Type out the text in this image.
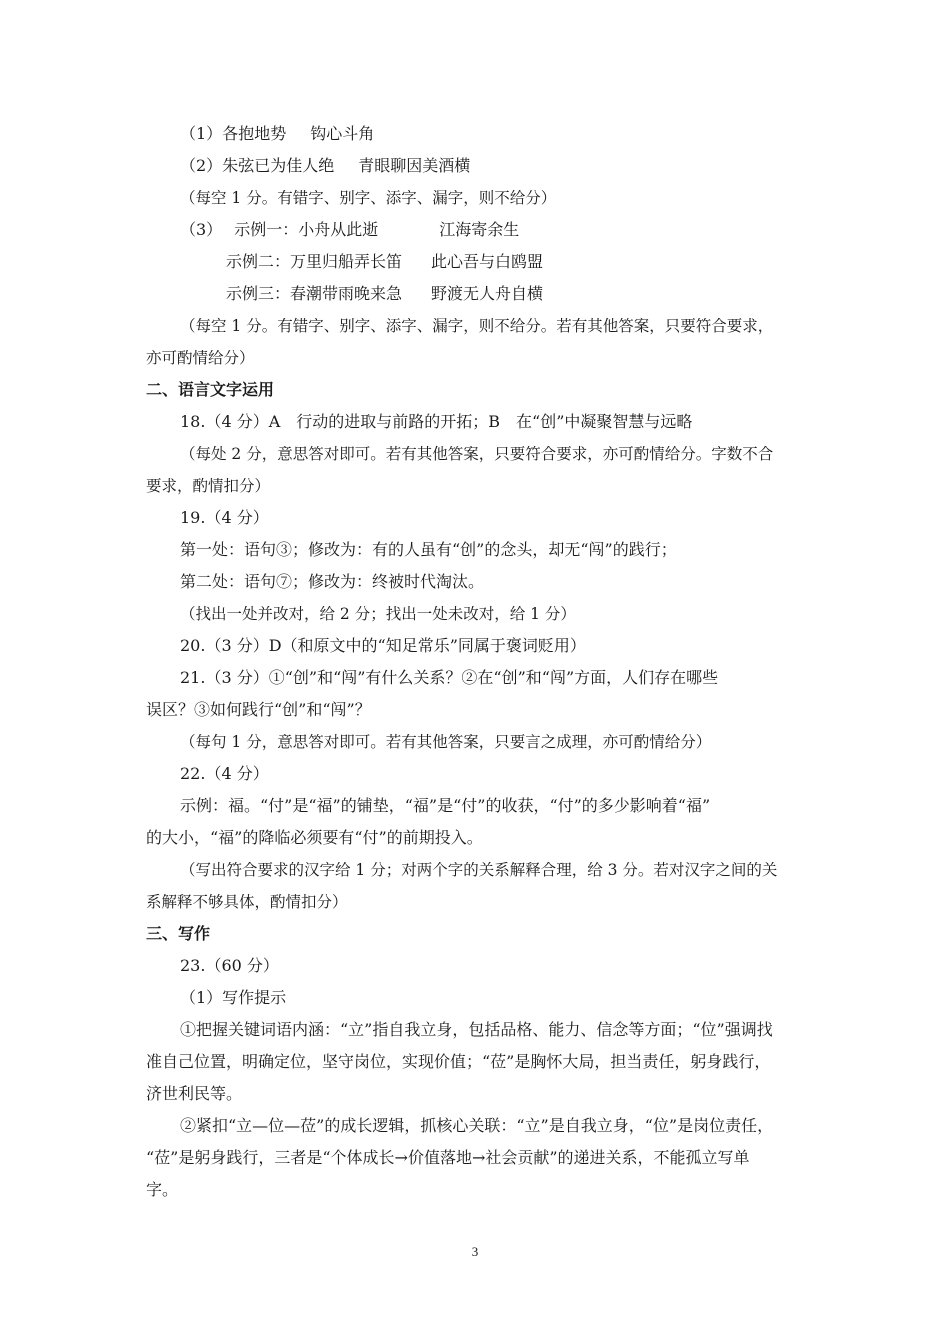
（1）各抱地势 钩心斗角
（2）朱弦已为佳人绝 青眼聊因美酒横
（每空 1 分。有错字、别字、添字、漏字，则不给分）
（3） 示例一：小舟从此逝	江海寄余生
示例二：万里归船弄长笛 此心吾与白鸥盟
示例三：春潮带雨晚来急 野渡无人舟自横
（每空 1 分。有错字、别字、添字、漏字，则不给分。若有其他答案，只要符合要求，
亦可酌情给分）
二、语言文字运用
18.（4 分）A　行动的进取与前路的开拓；B　在“创”中凝聚智慧与远略
（每处 2 分，意思答对即可。若有其他答案，只要符合要求，亦可酌情给分。字数不合
要求，酌情扣分）
19.（4 分）
第一处：语句③；修改为：有的人虽有“创”的念头，却无“闯”的践行；
第二处：语句⑦；修改为：终被时代淘汰。
（找出一处并改对，给 2 分；找出一处未改对，给 1 分）
20.（3 分）D（和原文中的“知足常乐”同属于褒词贬用）
21.（3 分）①“创”和“闯”有什么关系？②在“创”和“闯”方面，人们存在哪些
误区？③如何践行“创”和“闯”？
（每句 1 分，意思答对即可。若有其他答案，只要言之成理，亦可酌情给分）
22.（4 分）
示例：福。“付”是“福”的铺垫，“福”是“付”的收获，“付”的多少影响着“福”
的大小，“福”的降临必须要有“付”的前期投入。
（写出符合要求的汉字给 1 分；对两个字的关系解释合理，给 3 分。若对汉字之间的关
系解释不够具体，酌情扣分）
三、写作
23.（60 分）
（1）写作提示
①把握关键词语内涵：“立”指自我立身，包括品格、能力、信念等方面；“位”强调找
准自己位置，明确定位，坚守岗位，实现价值；“莅”是胸怀大局，担当责任，躬身践行，
济世利民等。
②紧扣“立—位—莅”的成长逻辑，抓核心关联：“立”是自我立身，“位”是岗位责任，
“莅”是躬身践行，三者是“个体成长→价值落地→社会贡献”的递进关系，不能孤立写单
字。
3
